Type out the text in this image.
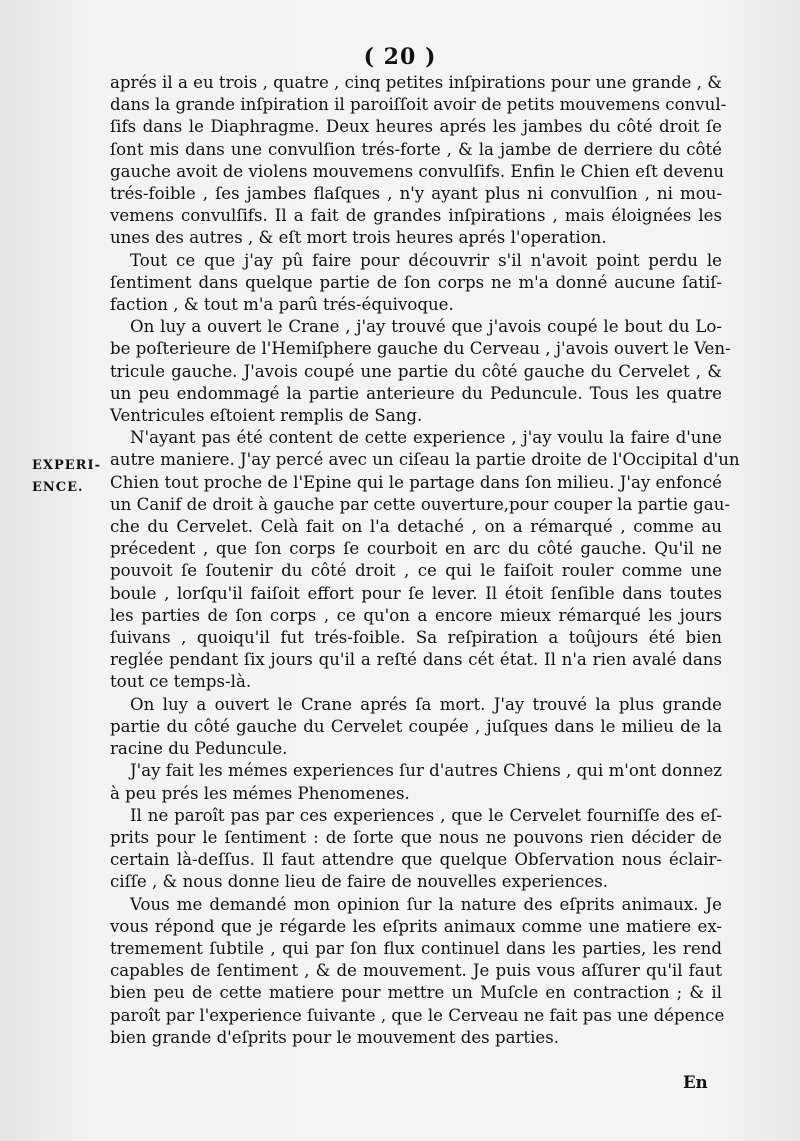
( 20 )
EXPERI-
ENCE.
aprés il a eu trois , quatre , cinq petites inſpirations pour une grande , &
dans la grande inſpiration il paroiſſoit avoir de petits mouvemens convul-
ſifs dans le Diaphragme. Deux heures aprés les jambes du côté droit ſe
ſont mis dans une convulſion trés-forte , & la jambe de derriere du côté
gauche avoit de violens mouvemens convulſifs. Enfin le Chien eſt devenu
trés-foible , ſes jambes flaſques , n'y ayant plus ni convulſion , ni mou-
vemens convulſifs. Il a fait de grandes inſpirations , mais éloignées les
unes des autres , & eſt mort trois heures aprés l'operation.
Tout ce que j'ay pû faire pour découvrir s'il n'avoit point perdu le
ſentiment dans quelque partie de ſon corps ne m'a donné aucune ſatiſ-
faction , & tout m'a parû trés-équivoque.
On luy a ouvert le Crane , j'ay trouvé que j'avois coupé le bout du Lo-
be poſterieure de l'Hemiſphere gauche du Cerveau , j'avois ouvert le Ven-
tricule gauche. J'avois coupé une partie du côté gauche du Cervelet , &
un peu endommagé la partie anterieure du Peduncule. Tous les quatre
Ventricules eſtoient remplis de Sang.
N'ayant pas été content de cette experience , j'ay voulu la faire d'une
autre maniere. J'ay percé avec un ciſeau la partie droite de l'Occipital d'un
Chien tout proche de l'Epine qui le partage dans ſon milieu. J'ay enfoncé
un Canif de droit à gauche par cette ouverture,pour couper la partie gau-
che du Cervelet. Celà fait on l'a detaché , on a rémarqué , comme au
précedent , que ſon corps ſe courboit en arc du côté gauche. Qu'il ne
pouvoit ſe ſoutenir du côté droit , ce qui le faiſoit rouler comme une
boule , lorſqu'il faiſoit effort pour ſe lever. Il étoit ſenſible dans toutes
les parties de ſon corps , ce qu'on a encore mieux rémarqué les jours
ſuivans , quoiqu'il fut trés-foible. Sa reſpiration a toûjours été bien
reglée pendant ſix jours qu'il a reſté dans cét état. Il n'a rien avalé dans
tout ce temps-là.
On luy a ouvert le Crane aprés ſa mort. J'ay trouvé la plus grande
partie du côté gauche du Cervelet coupée , juſques dans le milieu de la
racine du Peduncule.
J'ay fait les mémes experiences ſur d'autres Chiens , qui m'ont donnez
à peu prés les mémes Phenomenes.
Il ne paroît pas par ces experiences , que le Cervelet fourniſſe des eſ-
prits pour le ſentiment : de ſorte que nous ne pouvons rien décider de
certain là-deſſus. Il faut attendre que quelque Obſervation nous éclair-
ciſſe , & nous donne lieu de faire de nouvelles experiences.
Vous me demandé mon opinion ſur la nature des eſprits animaux. Je
vous répond que je régarde les eſprits animaux comme une matiere ex-
tremement ſubtile , qui par ſon flux continuel dans les parties, les rend
capables de ſentiment , & de mouvement. Je puis vous aſſurer qu'il faut
bien peu de cette matiere pour mettre un Muſcle en contraction ; & il
paroît par l'experience ſuivante , que le Cerveau ne fait pas une dépence
bien grande d'eſprits pour le mouvement des parties.
En
